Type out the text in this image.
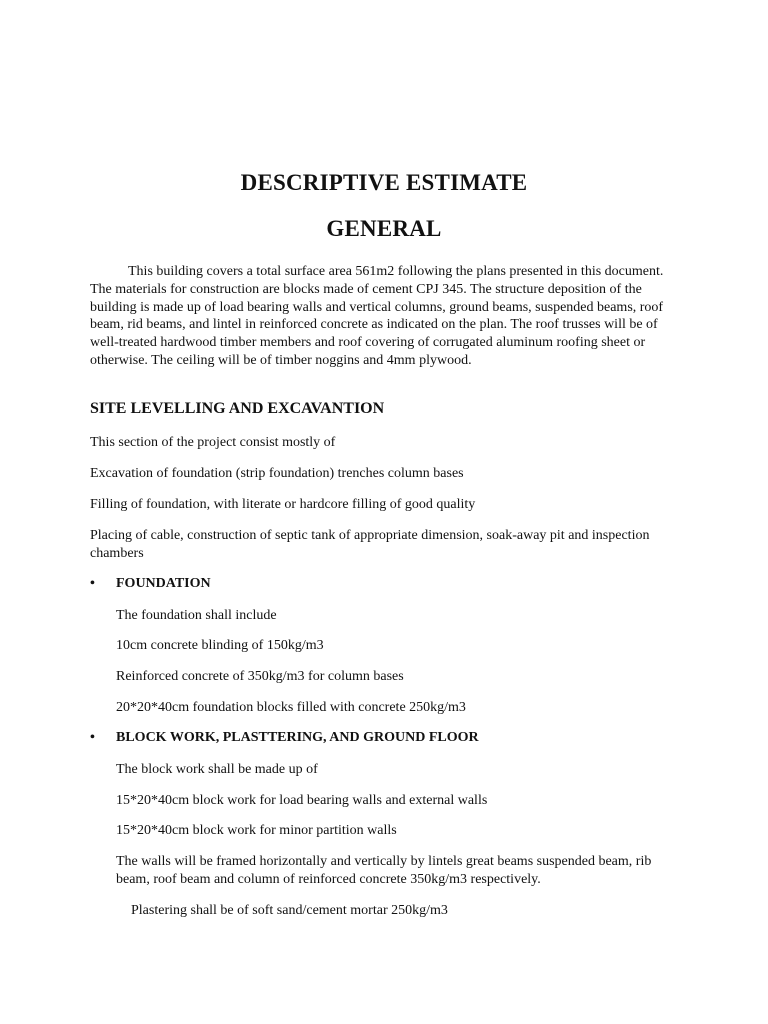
DESCRIPTIVE ESTIMATE
GENERAL

This building covers a total surface area 561m2 following the plans presented in this document. The materials for construction are blocks made of cement CPJ 345. The structure deposition of the building is made up of load bearing walls and vertical columns, ground beams, suspended beams, roof beam, rid beams, and lintel in reinforced concrete as indicated on the plan. The roof trusses will be of well-treated hardwood timber members and roof covering of corrugated aluminum roofing sheet or otherwise. The ceiling will be of timber noggins and 4mm plywood.

SITE LEVELLING AND EXCAVANTION

This section of the project consist mostly of

Excavation of foundation (strip foundation) trenches column bases

Filling of foundation, with literate or hardcore filling of good quality

Placing of cable, construction of septic tank of appropriate dimension, soak-away pit and inspection chambers

•	FOUNDATION

The foundation shall include

10cm concrete blinding of 150kg/m3

Reinforced concrete of 350kg/m3 for column bases

20*20*40cm foundation blocks filled with concrete 250kg/m3

•	BLOCK WORK, PLASTTERING, AND GROUND FLOOR

The block work shall be made up of

15*20*40cm block work for load bearing walls and external walls

15*20*40cm block work for minor partition walls

The walls will be framed horizontally and vertically by lintels great beams suspended beam, rib beam, roof beam and column of reinforced concrete 350kg/m3 respectively.

Plastering shall be of soft sand/cement mortar 250kg/m3
